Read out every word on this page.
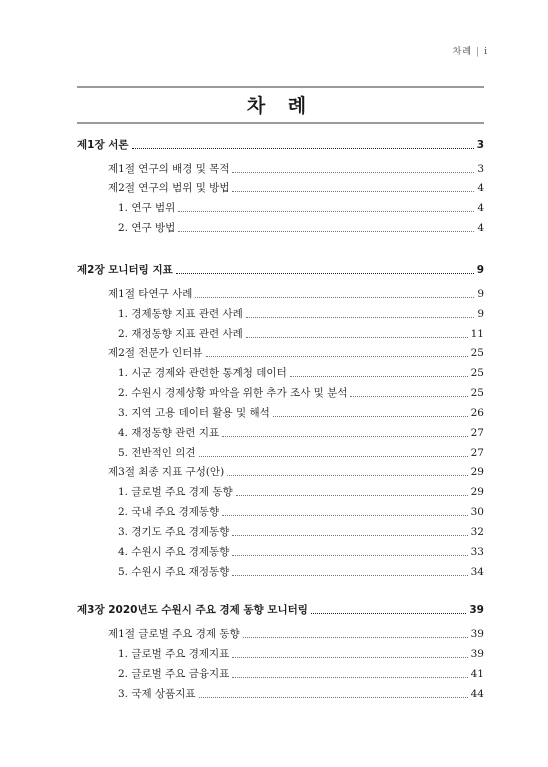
차례 | i
차 례
제1장 서론	3
제1절 연구의 배경 및 목적	3
제2절 연구의 범위 및 방법	4
1. 연구 범위	4
2. 연구 방법	4
제2장 모니터링 지표	9
제1절 타연구 사례	9
1. 경제동향 지표 관련 사례	9
2. 재정동향 지표 관련 사례	11
제2절 전문가 인터뷰	25
1. 시군 경제와 관련한 통계청 데이터	25
2. 수원시 경제상황 파악을 위한 추가 조사 및 분석	25
3. 지역 고용 데이터 활용 및 해석	26
4. 재정동향 관련 지표	27
5. 전반적인 의견	27
제3절 최종 지표 구성(안)	29
1. 글로벌 주요 경제 동향	29
2. 국내 주요 경제동향	30
3. 경기도 주요 경제동향	32
4. 수원시 주요 경제동향	33
5. 수원시 주요 재정동향	34
제3장 2020년도 수원시 주요 경제 동향 모니터링	39
제1절 글로벌 주요 경제 동향	39
1. 글로벌 주요 경제지표	39
2. 글로벌 주요 금융지표	41
3. 국제 상품지표	44
